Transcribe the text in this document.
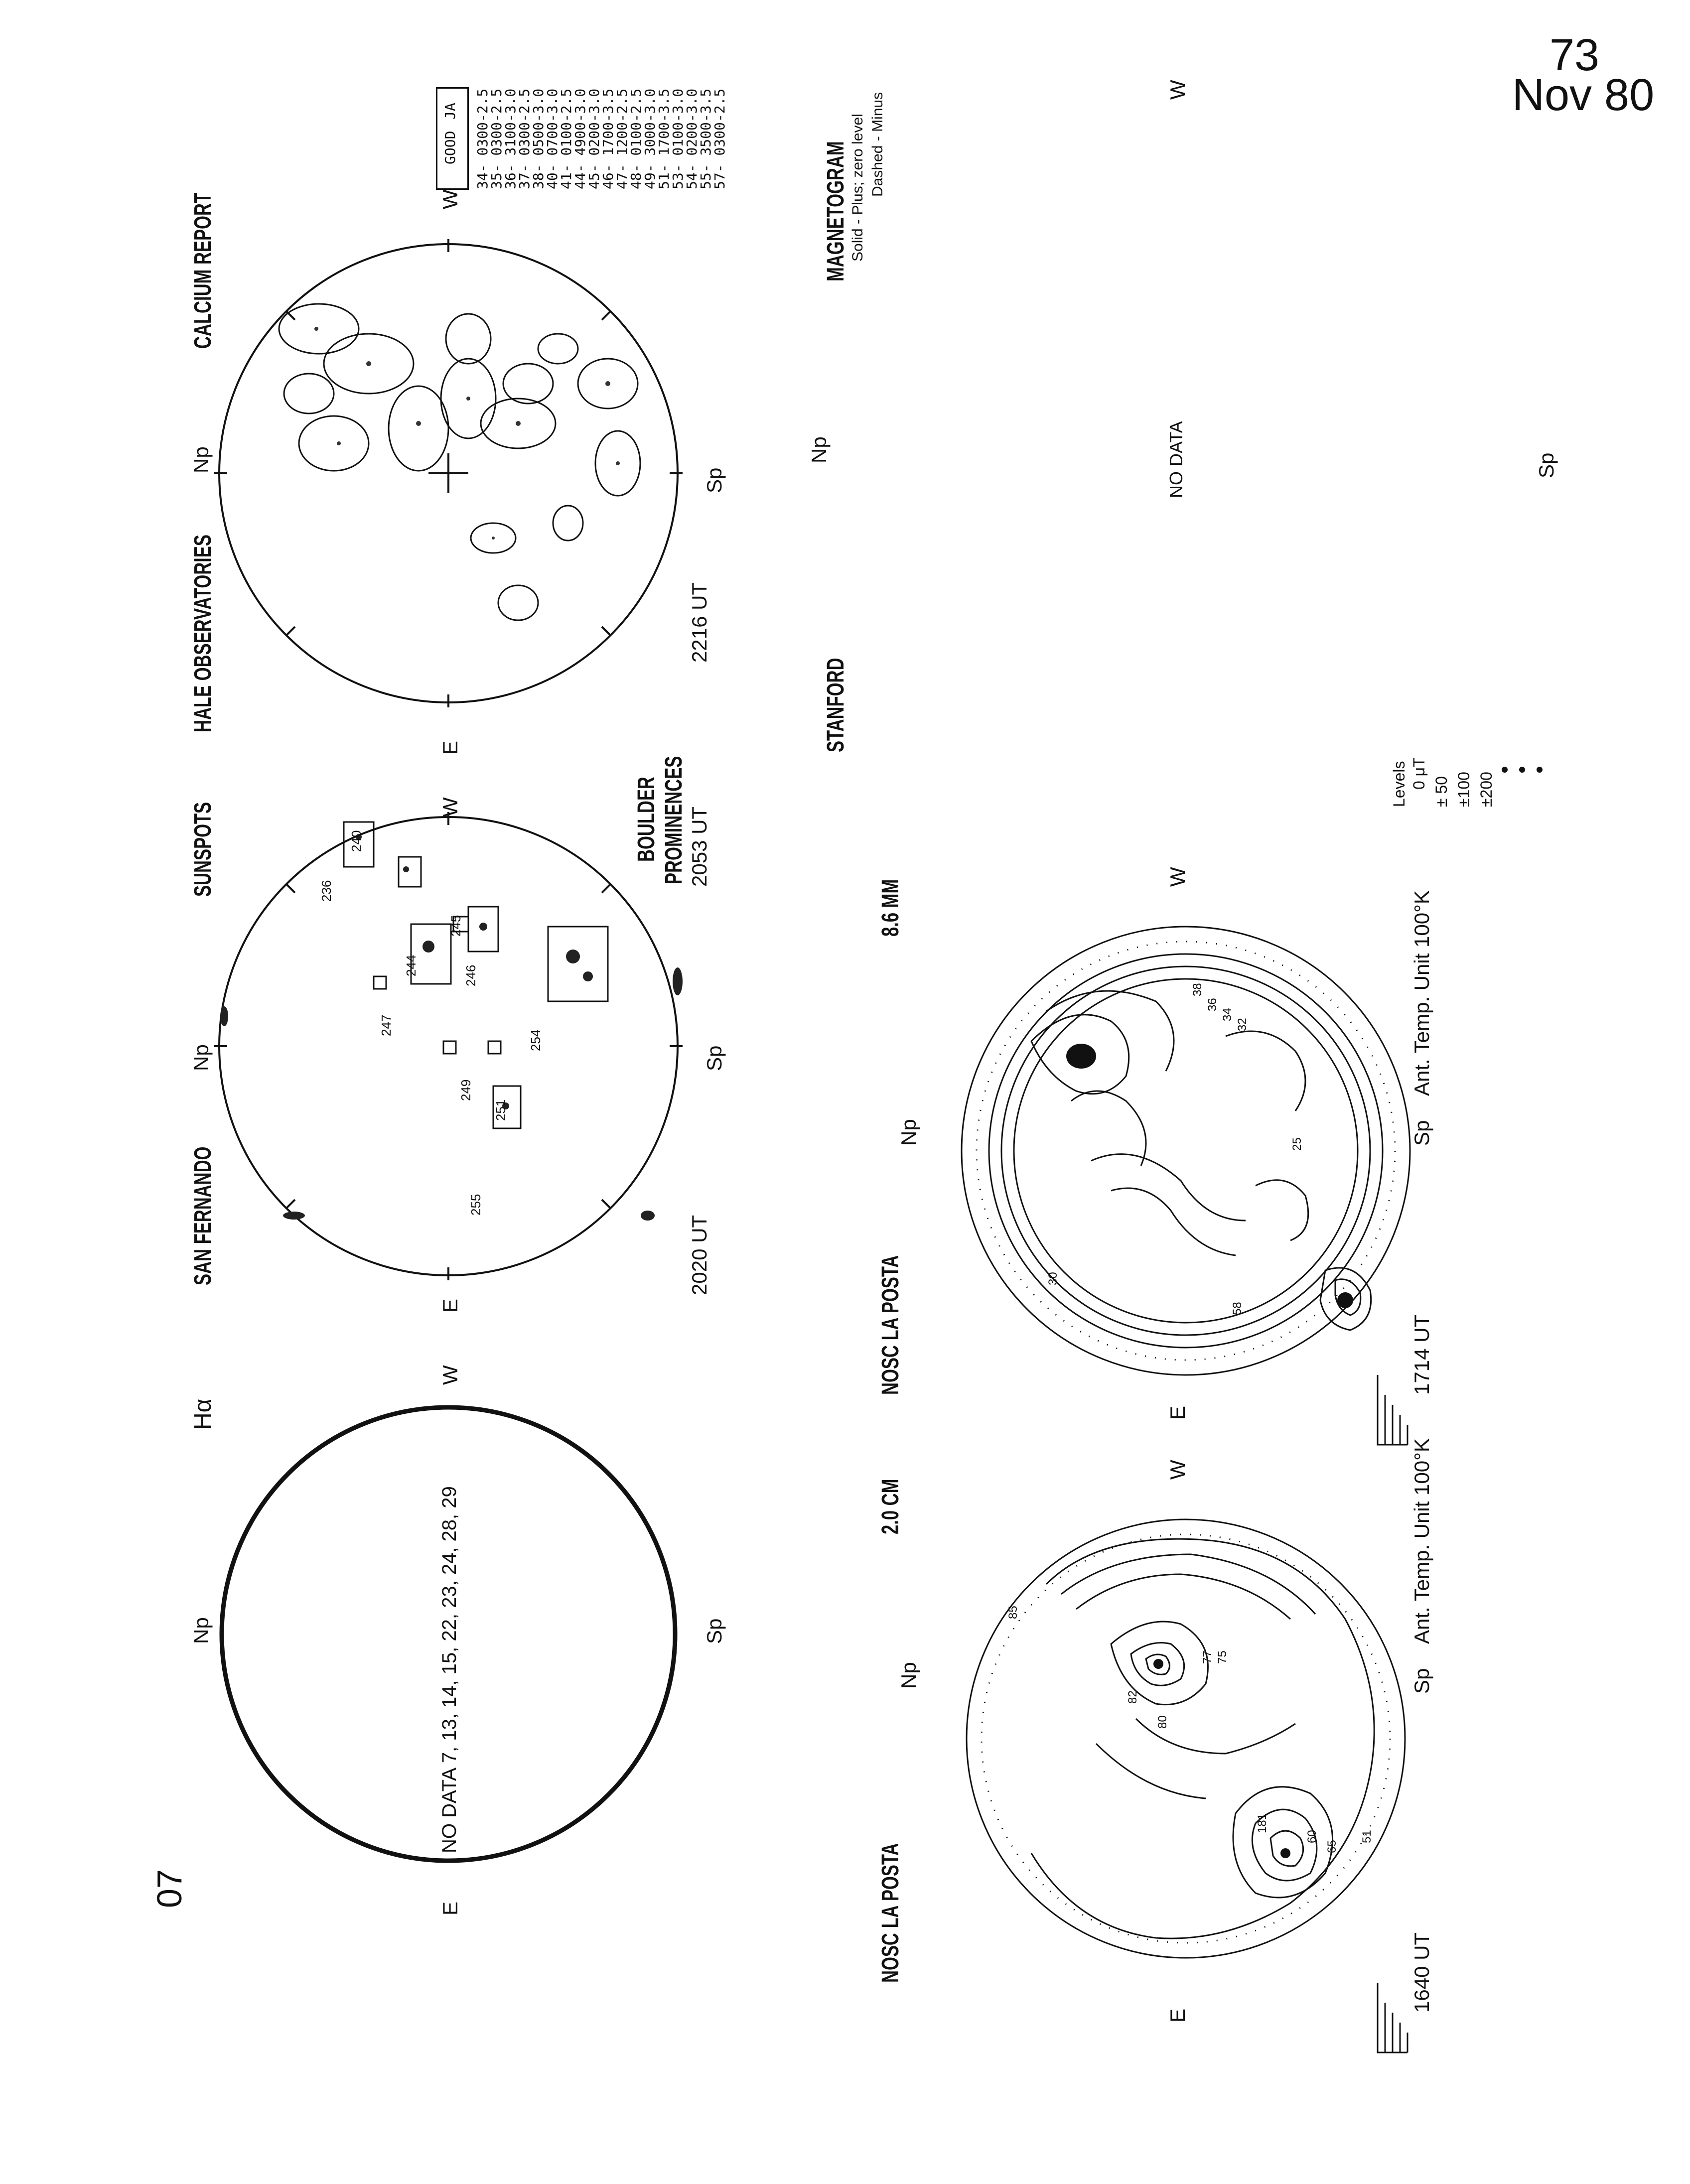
73
Nov 80
07
Hα
Np	Sp
E
W
NO DATA 7, 13, 14, 15, 22, 23, 24, 28, 29
SAN FERNANDO
Np
SUNSPOTS
E
W
Sp
2020 UT
236
240
244
245
246
247
249
251
254
255
BOULDER PROMINENCES 2053 UT
HALE OBSERVATORIES
Np
CALCIUM REPORT
E
W
Sp
2216 UT
GOOD
JA 34- 0300-2.5
35- 0300-2.5
36- 3100-3.0
37- 0300-2.5
38- 0500-3.0
40- 0700-3.0
41- 0100-2.5
44- 4900-3.0
45- 0200-3.0
46- 1700-3.5
47- 1200-2.5
48- 0100-2.5
49- 3000-3.0
51- 1700-3.5
53- 0100-3.0
54- 0200-3.0
55- 3500-3.5
57- 0300-2.5
NOSC LA POSTA
Np
2.0 CM
E
W
Sp
Ant. Temp. Unit 100°K
1640 UT
85
82
80
77 75
51
181
60
65
NOSC LA POSTA
Np
8.6 MM
E
W
Sp
Ant. Temp. Unit 100°K
1714 UT
30
38
36
34
32
25
58
STANFORD
Np
MAGNETOGRAM Solid - Plus; zero level Dashed - Minus
W
NO DATA	Sp
Levels 0 μT
± 50 ±100 ±200
